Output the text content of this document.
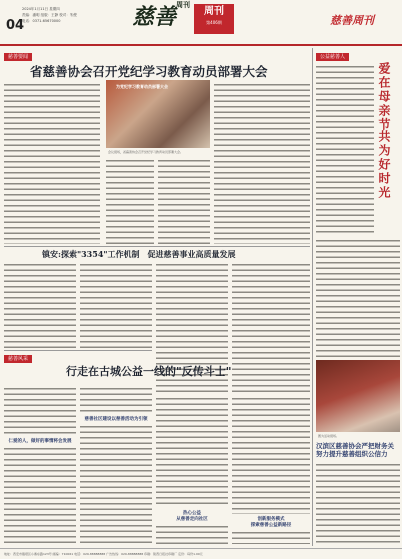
04
2024年1月11日 星期四
责编：潘明 组版：王静 校对：朱俊
电话：0371-65670000	慈善$^{周刊}$
周刊
第406期	慈善周刊
慈善要闻
省慈善协会召开党纪学习教育动员部署大会
为党纪学习教育动员部署大会
会议现场，省慈善协会召开党纪学习教育动员部署大会。
镇安:探索"3354"工作机制　促进慈善事业高质量发展
慈善风采
行走在古城公益一线的"反传斗士"
仁爱的人，做好的事情将会发展
慈善社区建设以慈善活动为引领
热心公益
从慈善走向社区	创新服务模式
探索慈善公益新路径
公益慈善人
爱在母亲节
共为好时光
图为活动现场。
汉滨区慈善协会严把财务关 努力提升慈善组织公信力
地址：西安市雁塔区小寨东路123号 邮编：710061 电话：029-88888888 广告热线：029-88888888 印刷：陕西日报社印刷厂 定价：每份1.00元
